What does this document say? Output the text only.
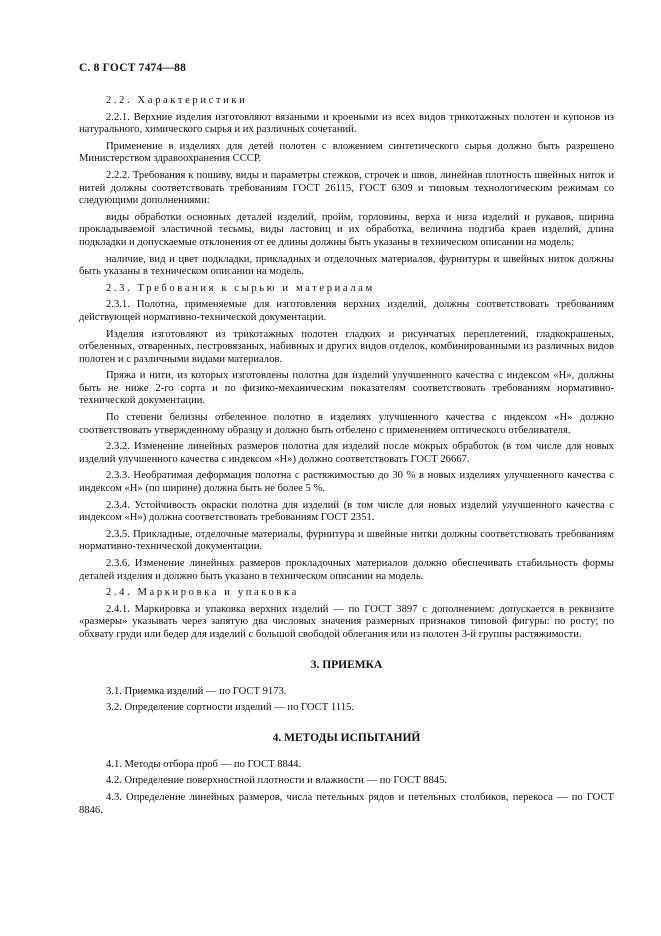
С. 8 ГОСТ 7474—88

2.2. Характеристики

2.2.1. Верхние изделия изготовляют вязаными и кроеными из всех видов трикотажных полотен и купонов из натурального, химического сырья и их различных сочетаний.

Применение в изделиях для детей полотен с вложением синтетического сырья должно быть разрешено Министерством здравоохранения СССР.

2.2.2. Требования к пошиву, виды и параметры стежков, строчек и швов, линейная плотность швейных ниток и нитей должны соответствовать требованиям ГОСТ 26115, ГОСТ 6309 и типовым технологическим режимам со следующими дополнениями:

виды обработки основных деталей изделий, пройм, горловины, верха и низа изделий и рукавов, ширина прокладываемой эластичной тесьмы, виды ластовиц и их обработка, величина подгиба краев изделий, длина подкладки и допускаемые отклонения от ее длины должны быть указаны в техническом описании на модель;

наличие, вид и цвет подкладки, прикладных и отделочных материалов, фурнитуры и швейных ниток должны быть указаны в техническом описании на модель.

2.3. Требования к сырью и материалам

2.3.1. Полотна, применяемые для изготовления верхних изделий, должны соответствовать требованиям действующей нормативно-технической документации.

Изделия изготовляют из трикотажных полотен гладких и рисунчатых переплетений, гладкокрашеных, отбеленных, отваренных, пестровязаных, набивных и других видов отделок, комбинированными из различных видов полотен и с различными видами материалов.

Пряжа и нити, из которых изготовлены полотна для изделий улучшенного качества с индексом «Н», должны быть не ниже 2-го сорта и по физико-механическим показателям соответствовать требованиям нормативно-технической документации.

По степени белизны отбеленное полотно в изделиях улучшенного качества с индексом «Н» должно соответствовать утвержденному образцу и должно быть отбелено с применением оптического отбеливателя.

2.3.2. Изменение линейных размеров полотна для изделий после мокрых обработок (в том числе для новых изделий улучшенного качества с индексом «Н») должно соответствовать ГОСТ 26667.

2.3.3. Необратимая деформация полотна с растяжимостью до 30 % в новых изделиях улучшенного качества с индексом «Н» (по ширине) должна быть не более 5 %.

2.3.4. Устойчивость окраски полотна для изделий (в том числе для новых изделий улучшенного качества с индексом «Н») должна соответствовать требованиям ГОСТ 2351.

2.3.5. Прикладные, отделочные материалы, фурнитура и швейные нитки должны соответствовать требованиям нормативно-технической документации.

2.3.6. Изменение линейных размеров прокладочных материалов должно обеспечивать стабильность формы деталей изделия и должно быть указано в техническом описании на модель.

2.4. Маркировка и упаковка

2.4.1. Маркировка и упаковка верхних изделий — по ГОСТ 3897 с дополнением: допускается в реквизите «размеры» указывать через запятую два числовых значения размерных признаков типовой фигуры: по росту; по обхвату груди или бедер для изделий с большой свободой облегания или из полотен 3-й группы растяжимости.

3. ПРИЕМКА

3.1. Приемка изделий — по ГОСТ 9173.

3.2. Определение сортности изделий — по ГОСТ 1115.

4. МЕТОДЫ ИСПЫТАНИЙ

4.1. Методы отбора проб — по ГОСТ 8844.

4.2. Определение поверхностной плотности и влажности — по ГОСТ 8845.

4.3. Определение линейных размеров, числа петельных рядов и петельных столбиков, перекоса — по ГОСТ 8846.
